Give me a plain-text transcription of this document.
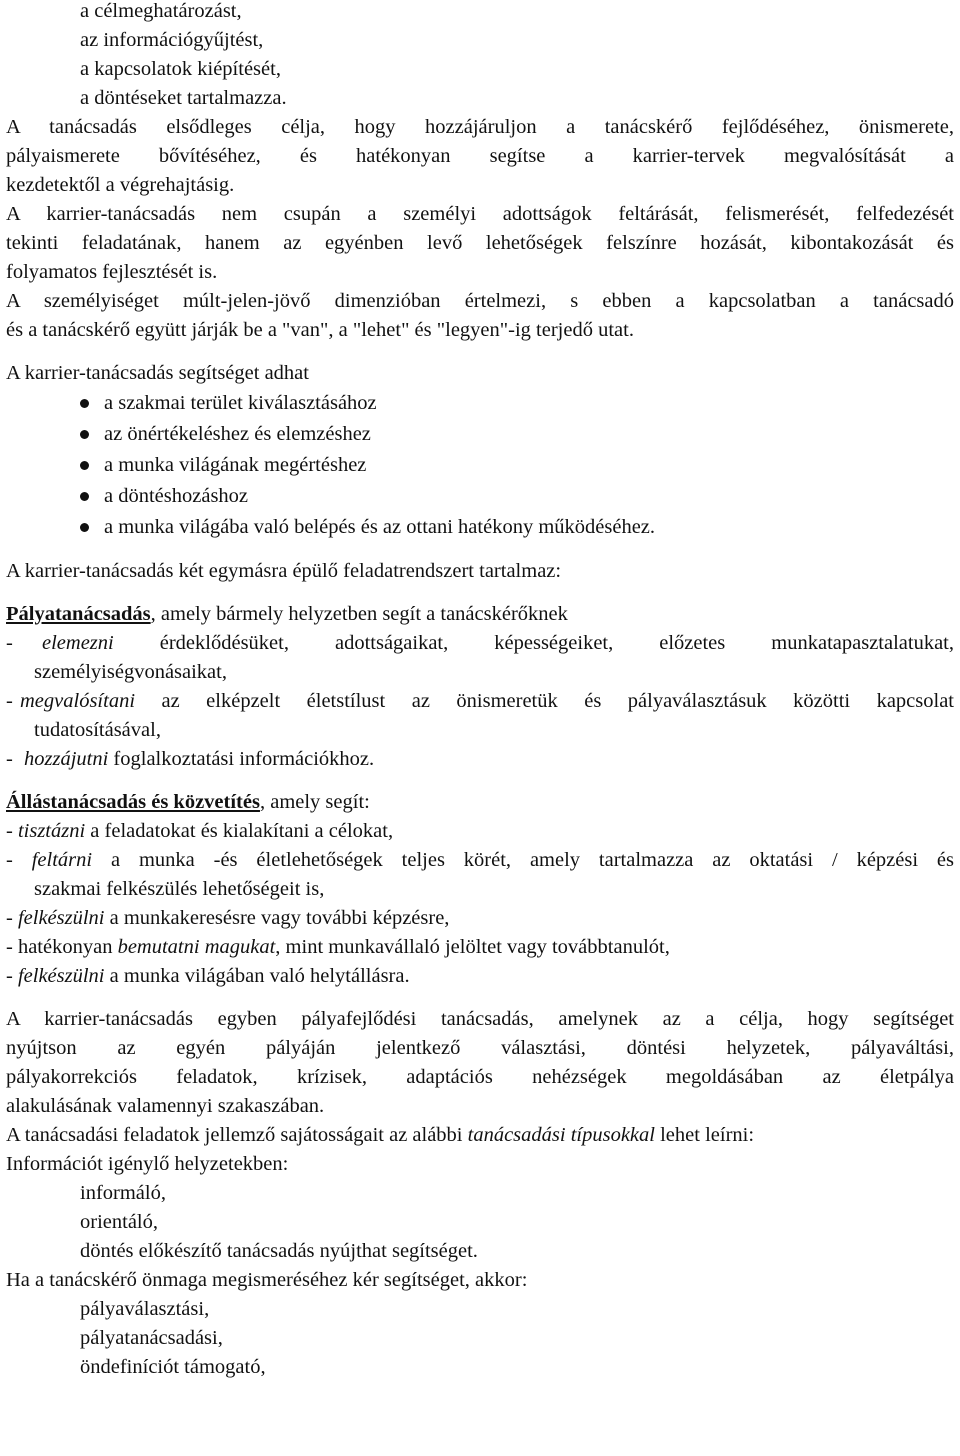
a célmeghatározást,
az információgyűjtést,
a kapcsolatok kiépítését,
a döntéseket tartalmazza.
A tanácsadás elsődleges célja, hogy hozzájáruljon a tanácskérő fejlődéséhez, önismerete,
pályaismerete bővítéséhez, és hatékonyan segítse a karrier-tervek megvalósítását a
kezdetektől a végrehajtásig.
A karrier-tanácsadás nem csupán a személyi adottságok feltárását, felismerését, felfedezését
tekinti feladatának, hanem az egyénben levő lehetőségek felszínre hozását, kibontakozását és
folyamatos fejlesztését is.
A személyiséget múlt-jelen-jövő dimenzióban értelmezi, s ebben a kapcsolatban a tanácsadó
és a tanácskérő együtt járják be a "van", a "lehet" és "legyen"-ig terjedő utat.
A karrier-tanácsadás segítséget adhat
a szakmai terület kiválasztásához
az önértékeléshez és elemzéshez
a munka világának megértéshez
a döntéshozáshoz
a munka világába való belépés és az ottani hatékony működéséhez.
A karrier-tanácsadás két egymásra épülő feladatrendszert tartalmaz:
Pályatanácsadás, amely bármely helyzetben segít a tanácskérőknek
- elemezni érdeklődésüket, adottságaikat, képességeiket, előzetes munkatapasztalatukat,
személyiségvonásaikat,
- megvalósítani az elképzelt életstílust az önismeretük és pályaválasztásuk közötti kapcsolat
tudatosításával,
- hozzájutni foglalkoztatási információkhoz.
Állástanácsadás és közvetítés, amely segít:
- tisztázni a feladatokat és kialakítani a célokat,
- feltárni a munka -és életlehetőségek teljes körét, amely tartalmazza az oktatási / képzési és
szakmai felkészülés lehetőségeit is,
- felkészülni a munkakeresésre vagy további képzésre,
- hatékonyan bemutatni magukat, mint munkavállaló jelöltet vagy továbbtanulót,
- felkészülni a munka világában való helytállásra.
A karrier-tanácsadás egyben pályafejlődési tanácsadás, amelynek az a célja, hogy segítséget
nyújtson az egyén pályáján jelentkező választási, döntési helyzetek, pályaváltási,
pályakorrekciós feladatok, krízisek, adaptációs nehézségek megoldásában az életpálya
alakulásának valamennyi szakaszában.
A tanácsadási feladatok jellemző sajátosságait az alábbi tanácsadási típusokkal lehet leírni:
Információt igénylő helyzetekben:
informáló,
orientáló,
döntés előkészítő tanácsadás nyújthat segítséget.
Ha a tanácskérő önmaga megismeréséhez kér segítséget, akkor:
pályaválasztási,
pályatanácsadási,
öndefiníciót támogató,
